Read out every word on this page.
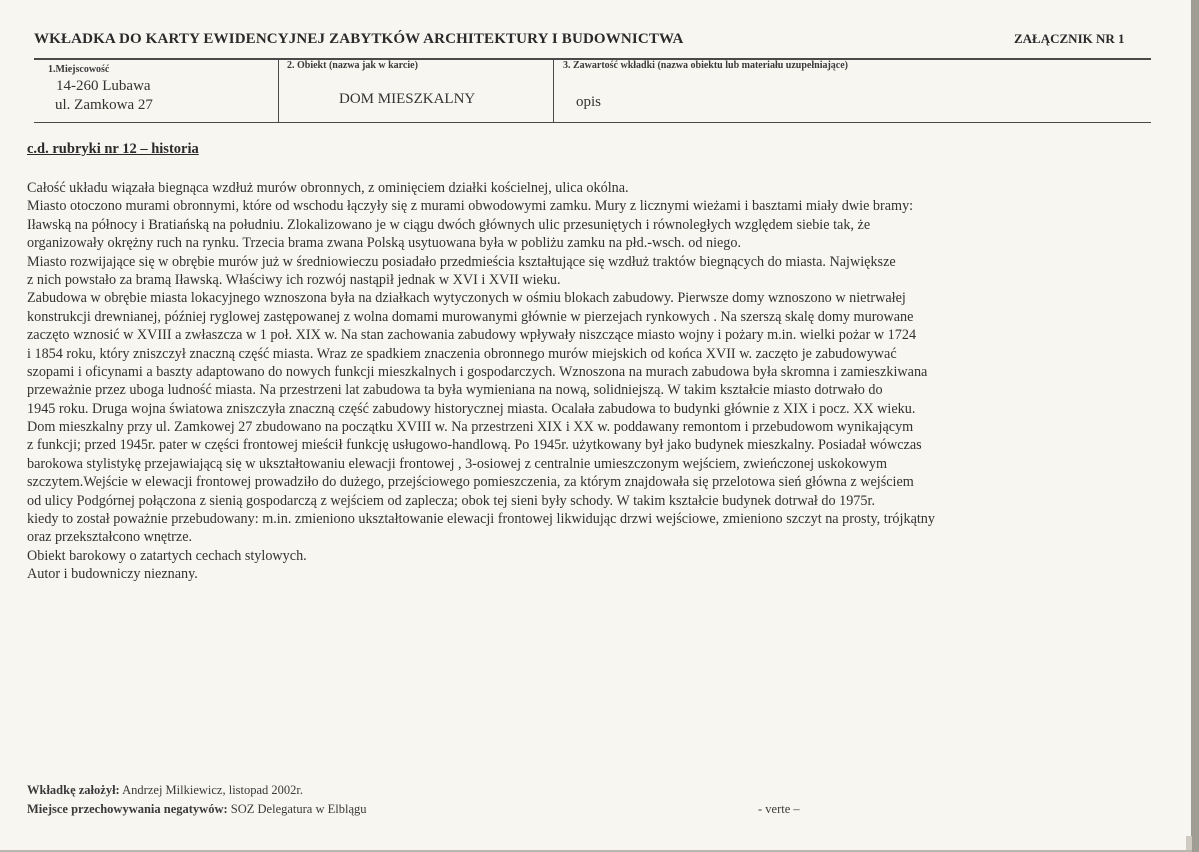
WKŁADKA DO KARTY EWIDENCYJNEJ ZABYTKÓW ARCHITEKTURY I BUDOWNICTWA	ZAŁĄCZNIK NR 1
1.Miejscowość
14-260 Lubawa
ul. Zamkowa 27
2. Obiekt (nazwa jak w karcie)
DOM MIESZKALNY
3. Zawartość wkładki (nazwa obiektu lub materiału uzupełniające)
opis
c.d. rubryki nr 12 – historia
Całość układu wiązała biegnąca wzdłuż murów obronnych, z ominięciem działki kościelnej, ulica okólna.
Miasto otoczono murami obronnymi, które od wschodu łączyły się z murami obwodowymi zamku. Mury z licznymi wieżami i basztami miały dwie bramy:
Iławską na północy i Bratiańską na południu. Zlokalizowano je w ciągu dwóch głównych ulic przesuniętych i równoległych względem siebie tak, że
organizowały okrężny ruch na rynku. Trzecia brama zwana Polską usytuowana była w pobliżu zamku na płd.-wsch. od niego.
Miasto rozwijające się w obrębie murów już w średniowieczu posiadało przedmieścia kształtujące się wzdłuż traktów biegnących do miasta. Największe
z nich powstało za bramą Iławską. Właściwy ich rozwój nastąpił jednak w XVI i XVII wieku.
Zabudowa w obrębie miasta lokacyjnego wznoszona była na działkach wytyczonych w ośmiu blokach zabudowy. Pierwsze domy wznoszono w nietrwałej
konstrukcji drewnianej, później ryglowej zastępowanej z wolna domami murowanymi głównie w pierzejach rynkowych . Na szerszą skalę domy murowane
zaczęto wznosić w XVIII a zwłaszcza w 1 poł. XIX w. Na stan zachowania zabudowy wpływały niszczące miasto wojny i pożary m.in. wielki pożar w 1724
i 1854 roku, który zniszczył znaczną część miasta. Wraz ze spadkiem znaczenia obronnego murów miejskich od końca XVII w. zaczęto je zabudowywać
szopami i oficynami a baszty adaptowano do nowych funkcji mieszkalnych i gospodarczych. Wznoszona na murach zabudowa była skromna i zamieszkiwana
przeważnie przez uboga ludność miasta. Na przestrzeni lat zabudowa ta była wymieniana na nową, solidniejszą. W takim kształcie miasto dotrwało do
1945 roku. Druga wojna światowa zniszczyła znaczną część zabudowy historycznej miasta. Ocalała zabudowa to budynki głównie z XIX i pocz. XX wieku.
Dom mieszkalny przy ul. Zamkowej 27 zbudowano na początku XVIII w. Na przestrzeni XIX i XX w. poddawany remontom i przebudowom wynikającym
z funkcji; przed 1945r. pater w części frontowej mieścił funkcję usługowo-handlową. Po 1945r. użytkowany był jako budynek mieszkalny. Posiadał wówczas
barokowa stylistykę przejawiającą się w ukształtowaniu elewacji frontowej , 3-osiowej z centralnie umieszczonym wejściem, zwieńczonej uskokowym
szczytem.Wejście w elewacji frontowej prowadziło do dużego, przejściowego pomieszczenia, za którym znajdowała się przelotowa sień główna z wejściem
od ulicy Podgórnej połączona z sienią gospodarczą z wejściem od zaplecza; obok tej sieni były schody. W takim kształcie budynek dotrwał do 1975r.
kiedy to został poważnie przebudowany: m.in. zmieniono ukształtowanie elewacji frontowej likwidując drzwi wejściowe, zmieniono szczyt na prosty, trójkątny
oraz przekształcono wnętrze.
Obiekt barokowy o zatartych cechach stylowych.
Autor i budowniczy nieznany.
Wkładkę założył: Andrzej Milkiewicz, listopad 2002r.
Miejsce przechowywania negatywów: SOZ Delegatura w Elblągu	- verte –
